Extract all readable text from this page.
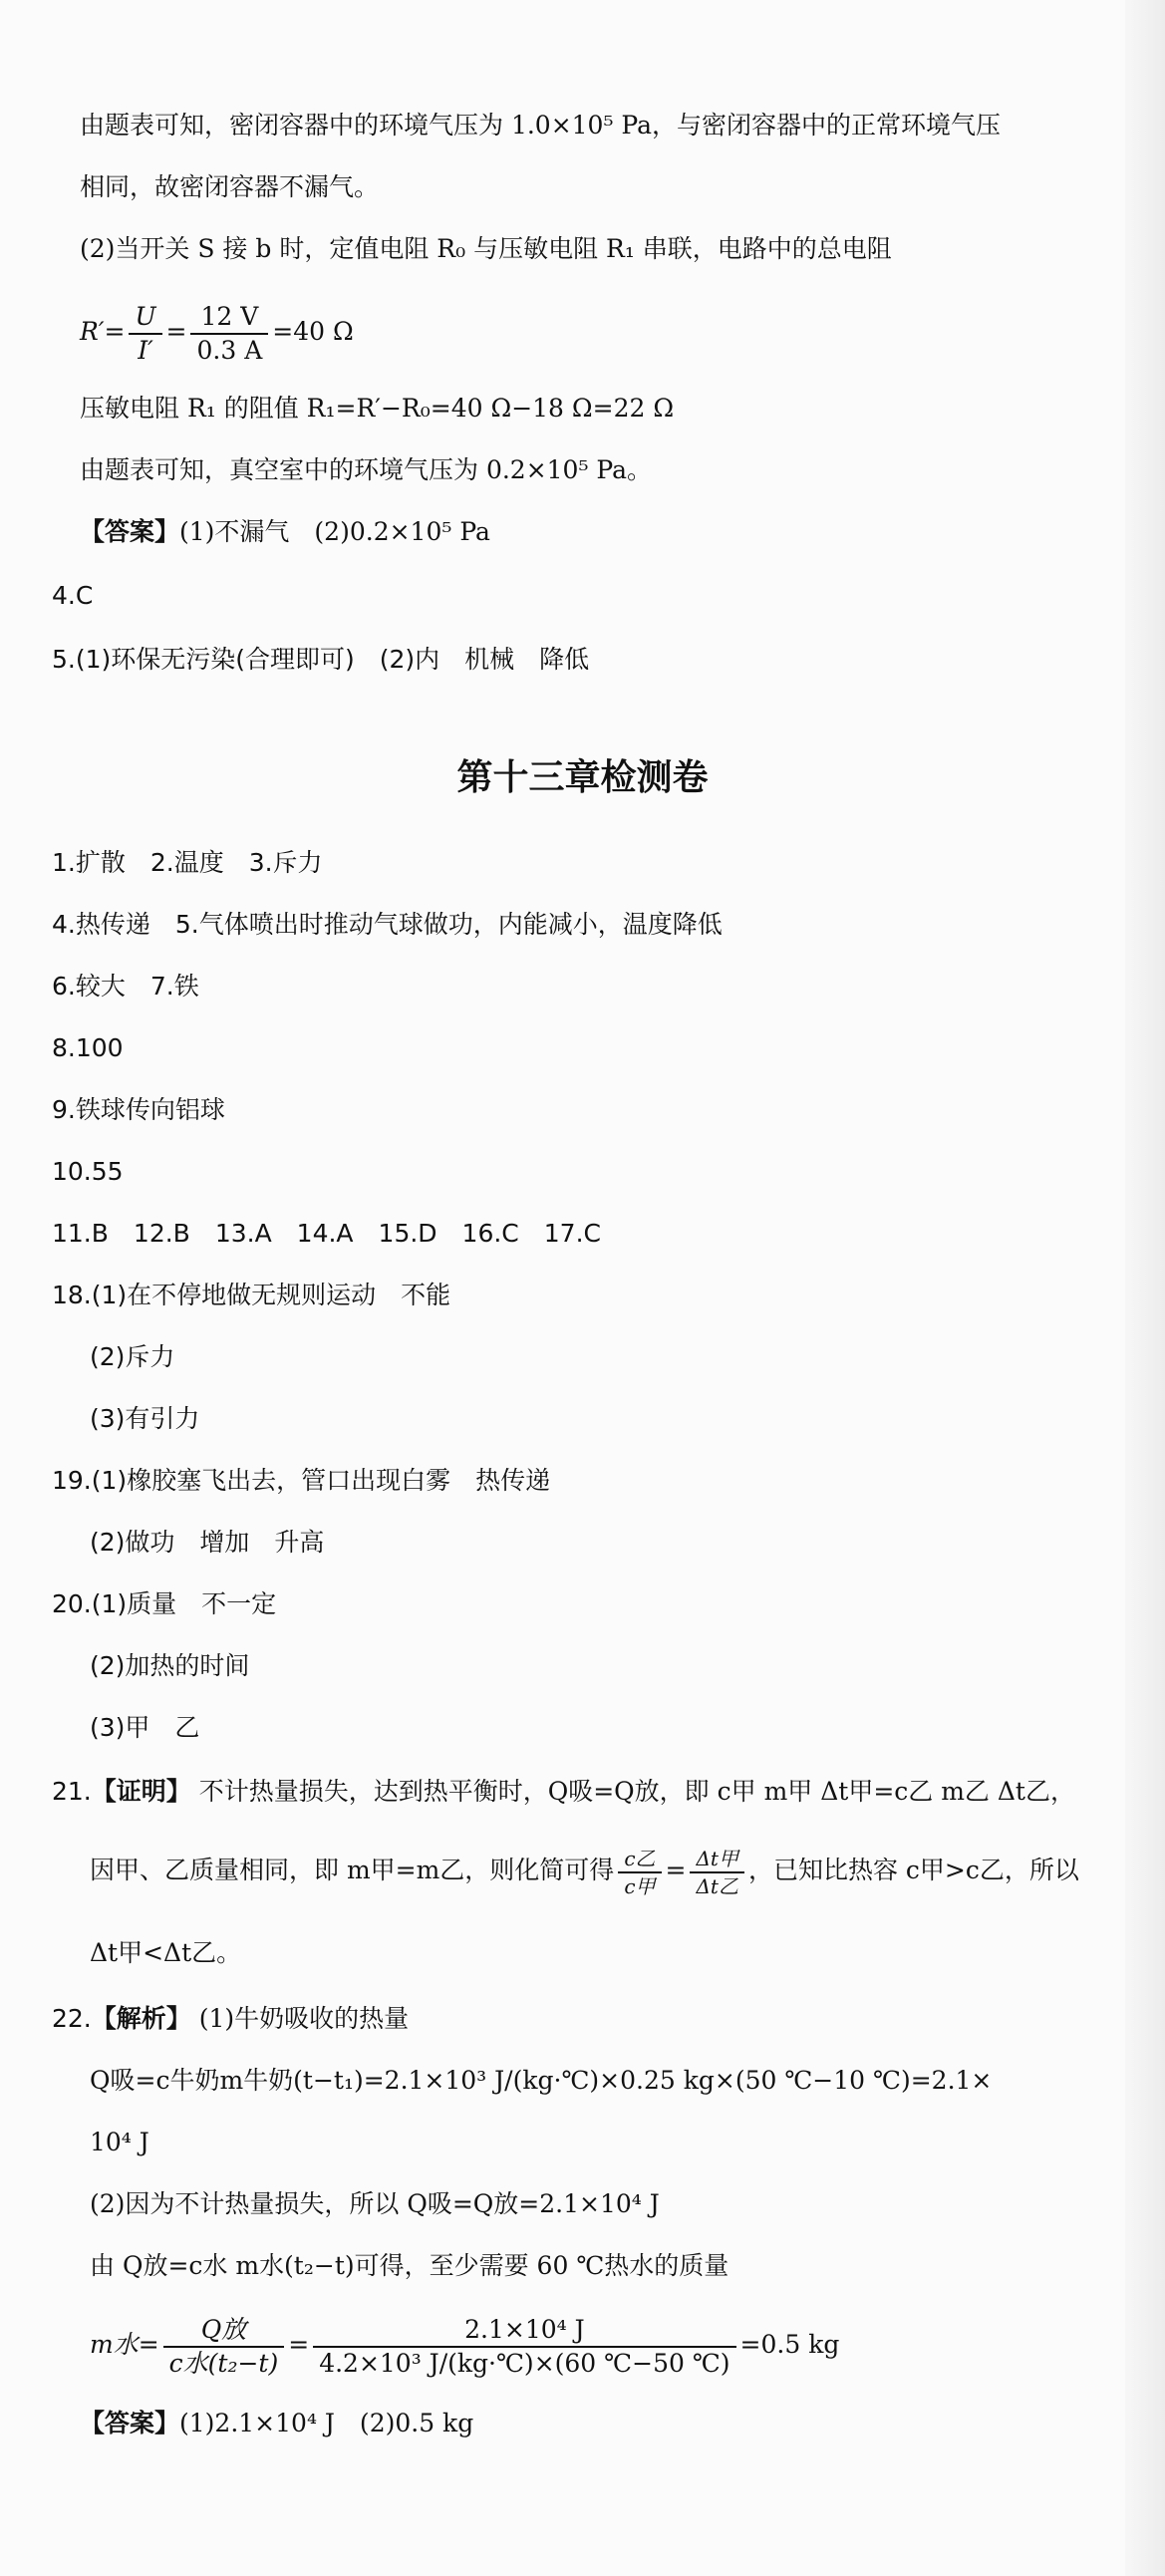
由题表可知，密闭容器中的环境气压为 1.0×10⁵ Pa，与密闭容器中的正常环境气压
相同，故密闭容器不漏气。
(2)当开关 S 接 b 时，定值电阻 R₀ 与压敏电阻 R₁ 串联，电路中的总电阻
$R'= \frac{U}{I'} = \frac{12 V}{0.3 A} =40$ Ω
压敏电阻 R₁ 的阻值 R₁=R′−R₀=40 Ω−18 Ω=22 Ω
由题表可知，真空室中的环境气压为 0.2×10⁵ Pa。
【答案】(1)不漏气　(2)0.2×10⁵ Pa
4.C
5.(1)环保无污染(合理即可)　(2)内　机械　降低
第十三章检测卷
1.扩散　2.温度　3.斥力
4.热传递　5.气体喷出时推动气球做功，内能减小，温度降低
6.较大　7.铁
8.100
9.铁球传向铝球
10.55
11.B　12.B　13.A　14.A　15.D　16.C　17.C
18.(1)在不停地做无规则运动　不能
(2)斥力
(3)有引力
19.(1)橡胶塞飞出去，管口出现白雾　热传递
(2)做功　增加　升高
20.(1)质量　不一定
(2)加热的时间
(3)甲　乙
21.【证明】 不计热量损失，达到热平衡时，Q吸=Q放，即 c甲 m甲 Δt甲=c乙 m乙 Δt乙，
因甲、乙质量相同，即 m甲=m乙，则化简可得 $\frac{\text{c乙}}{\text{c甲}} = \frac{\text{Δt甲}}{\text{Δt乙}}$ ，已知比热容 c甲>c乙，所以
Δt甲<Δt乙。
22.【解析】 (1)牛奶吸收的热量
Q吸=c牛奶m牛奶(t−t₁)=2.1×10³ J/(kg·℃)×0.25 kg×(50 ℃−10 ℃)=2.1×
10⁴ J
(2)因为不计热量损失，所以 Q吸=Q放=2.1×10⁴ J
由 Q放=c水 m水(t₂−t)可得，至少需要 60 ℃热水的质量
m水= $\frac{\text{Q放}}{\text{c水(t₂−t)}} = \frac{\text{2.1×10⁴ J}}{\text{4.2×10³ J/(kg·℃)×(60 ℃−50 ℃)}} =0.5$ kg
【答案】(1)2.1×10⁴ J　(2)0.5 kg
